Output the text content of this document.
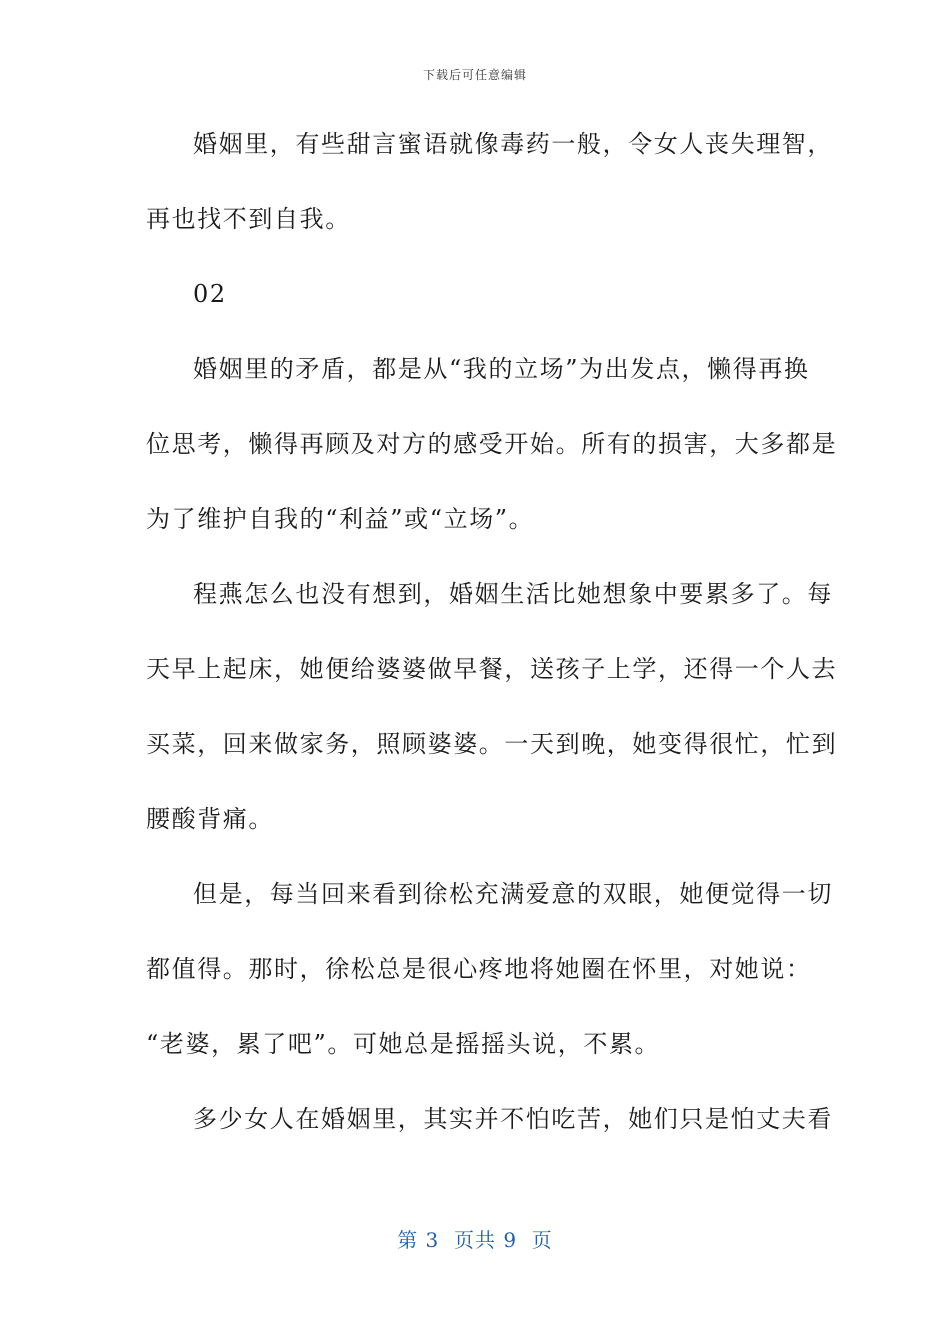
下载后可任意编辑
婚姻里，有些甜言蜜语就像毒药一般，令女人丧失理智，
再也找不到自我。
02
婚姻里的矛盾，都是从“我的立场”为出发点，懒得再换
位思考，懒得再顾及对方的感受开始。所有的损害，大多都是
为了维护自我的“利益”或“立场”。
程燕怎么也没有想到，婚姻生活比她想象中要累多了。每
天早上起床，她便给婆婆做早餐，送孩子上学，还得一个人去
买菜，回来做家务，照顾婆婆。一天到晚，她变得很忙，忙到
腰酸背痛。
但是，每当回来看到徐松充满爱意的双眼，她便觉得一切
都值得。那时，徐松总是很心疼地将她圈在怀里，对她说：
“老婆，累了吧”。可她总是摇摇头说，不累。
多少女人在婚姻里，其实并不怕吃苦，她们只是怕丈夫看
第 3  页共 9  页
